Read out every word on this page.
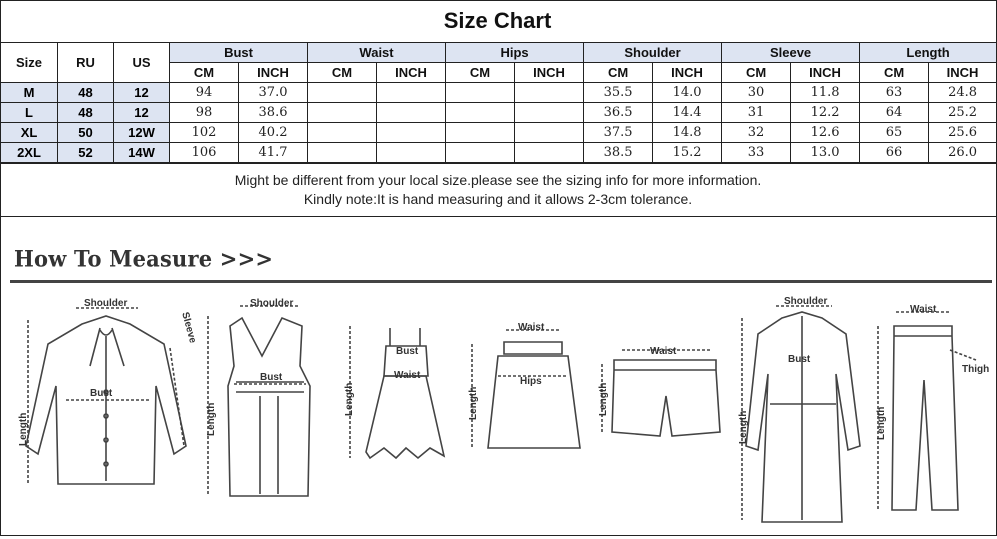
Size Chart
Size	RU	US	Bust		Waist		Hips		Shoulder		Sleeve		Length	
			CM	INCH	CM	INCH	CM	INCH	CM	INCH	CM	INCH	CM	INCH
M	48	12	94	37.0					35.5	14.0	30	11.8	63	24.8
L	48	12	98	38.6					36.5	14.4	31	12.2	64	25.2
XL	50	12W	102	40.2					37.5	14.8	32	12.6	65	25.6
2XL	52	14W	106	41.7					38.5	15.2	33	13.0	66	26.0
Might be different from your local size.please see the sizing info for more information.
Kindly note:It is hand measuring and it allows 2-3cm tolerance.
How To Measure >>>
Shoulder
Bust
Length
Sleeve
Shoulder
Bust
Length
Bust
Waist
Length
Waist
Hips
Length
Waist
Length
Shoulder
Bust
Length
Waist
Thigh
Length
